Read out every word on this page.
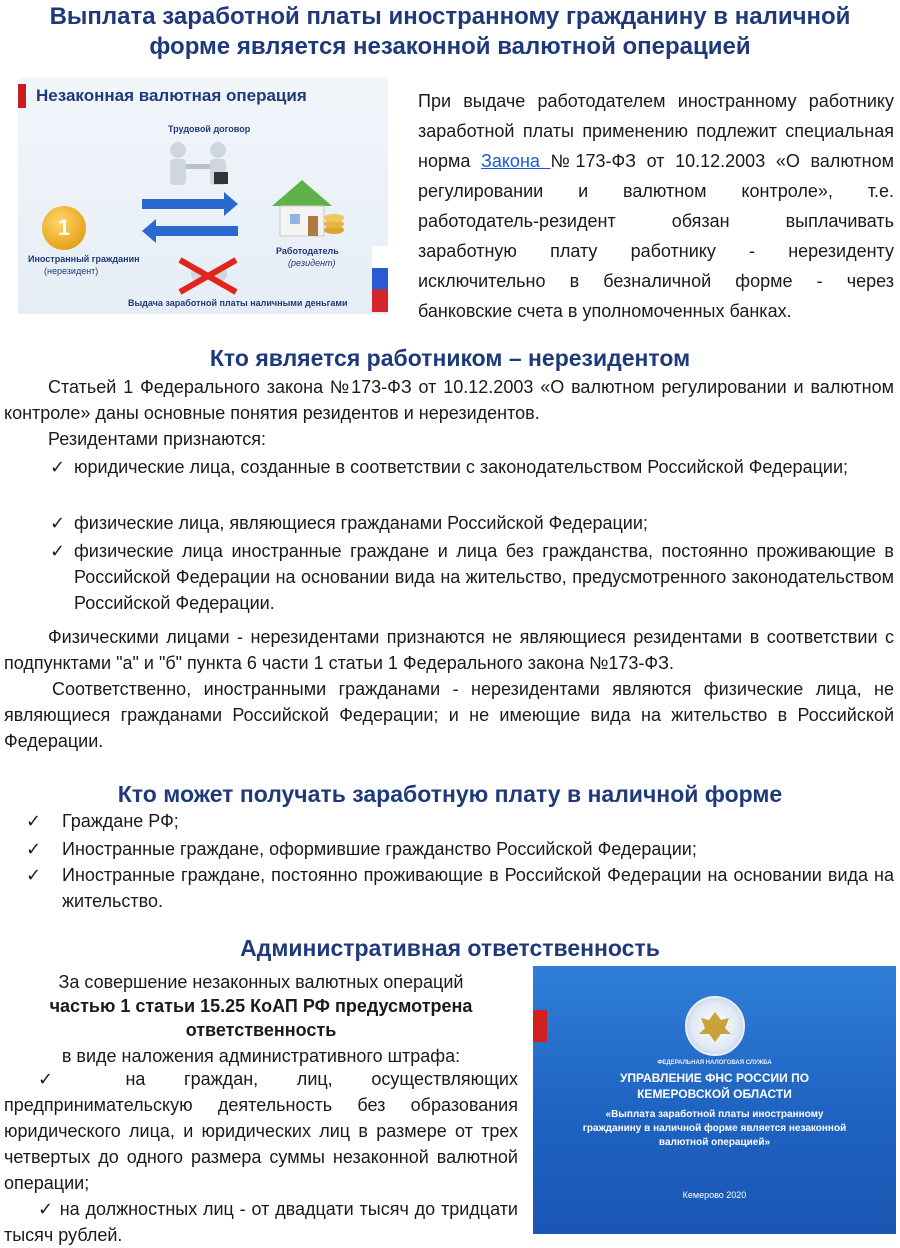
Выплата заработной платы иностранному гражданину в наличной
форме является незаконной валютной операцией
Незаконная валютная операция
Трудовой договор
1
Иностранный гражданин
(нерезидент)
Работодатель
(резидент)
Выдача заработной платы наличными деньгами

При выдаче работодателем иностранному работнику заработной платы применению подлежит специальная норма Закона №173-ФЗ от 10.12.2003 «О валютном регулировании и валютном контроле», т.е. работодатель-резидент обязан выплачивать заработную плату работнику - нерезиденту исключительно в безналичной форме - через банковские счета в уполномоченных банках.

Кто является работником – нерезидентом

Статьей 1 Федерального закона №173-ФЗ от 10.12.2003 «О валютном регулировании и валютном контроле» даны основные понятия резидентов и нерезидентов.

Резидентами признаются:
✓ юридические лица, созданные в соответствии с законодательством Российской Федерации;
✓ физические лица, являющиеся гражданами Российской Федерации;
✓ физические лица иностранные граждане и лица без гражданства, постоянно проживающие в Российской Федерации на основании вида на жительство, предусмотренного законодательством Российской Федерации.

Физическими лицами - нерезидентами признаются не являющиеся резидентами в соответствии с подпунктами "а" и "б" пункта 6 части 1 статьи 1 Федерального закона №173-ФЗ.

Соответственно, иностранными гражданами - нерезидентами являются физические лица, не являющиеся гражданами Российской Федерации; и не имеющие вида на жительство в Российской Федерации.

Кто может получать заработную плату в наличной форме
✓ Граждане РФ;
✓ Иностранные граждане, оформившие гражданство Российской Федерации;
✓ Иностранные граждане, постоянно проживающие в Российской Федерации на основании вида на жительство.
Административная ответственность
За совершение незаконных валютных операций
частью 1 статьи 15.25 КоАП РФ предусмотрена
ответственность
в виде наложения административного штрафа:

✓ на граждан, лиц, осуществляющих предпринимательскую деятельность без образования юридического лица, и юридических лиц в размере от трех четвертых до одного размера суммы незаконной валютной операции;

✓ на должностных лиц - от двадцати тысяч до тридцати тысяч рублей.

ФЕДЕРАЛЬНАЯ НАЛОГОВАЯ СЛУЖБА
УПРАВЛЕНИЕ ФНС РОССИИ ПО КЕМЕРОВСКОЙ ОБЛАСТИ
«Выплата заработной платы иностранному гражданину в наличной форме является незаконной валютной операцией»
Кемерово 2020
